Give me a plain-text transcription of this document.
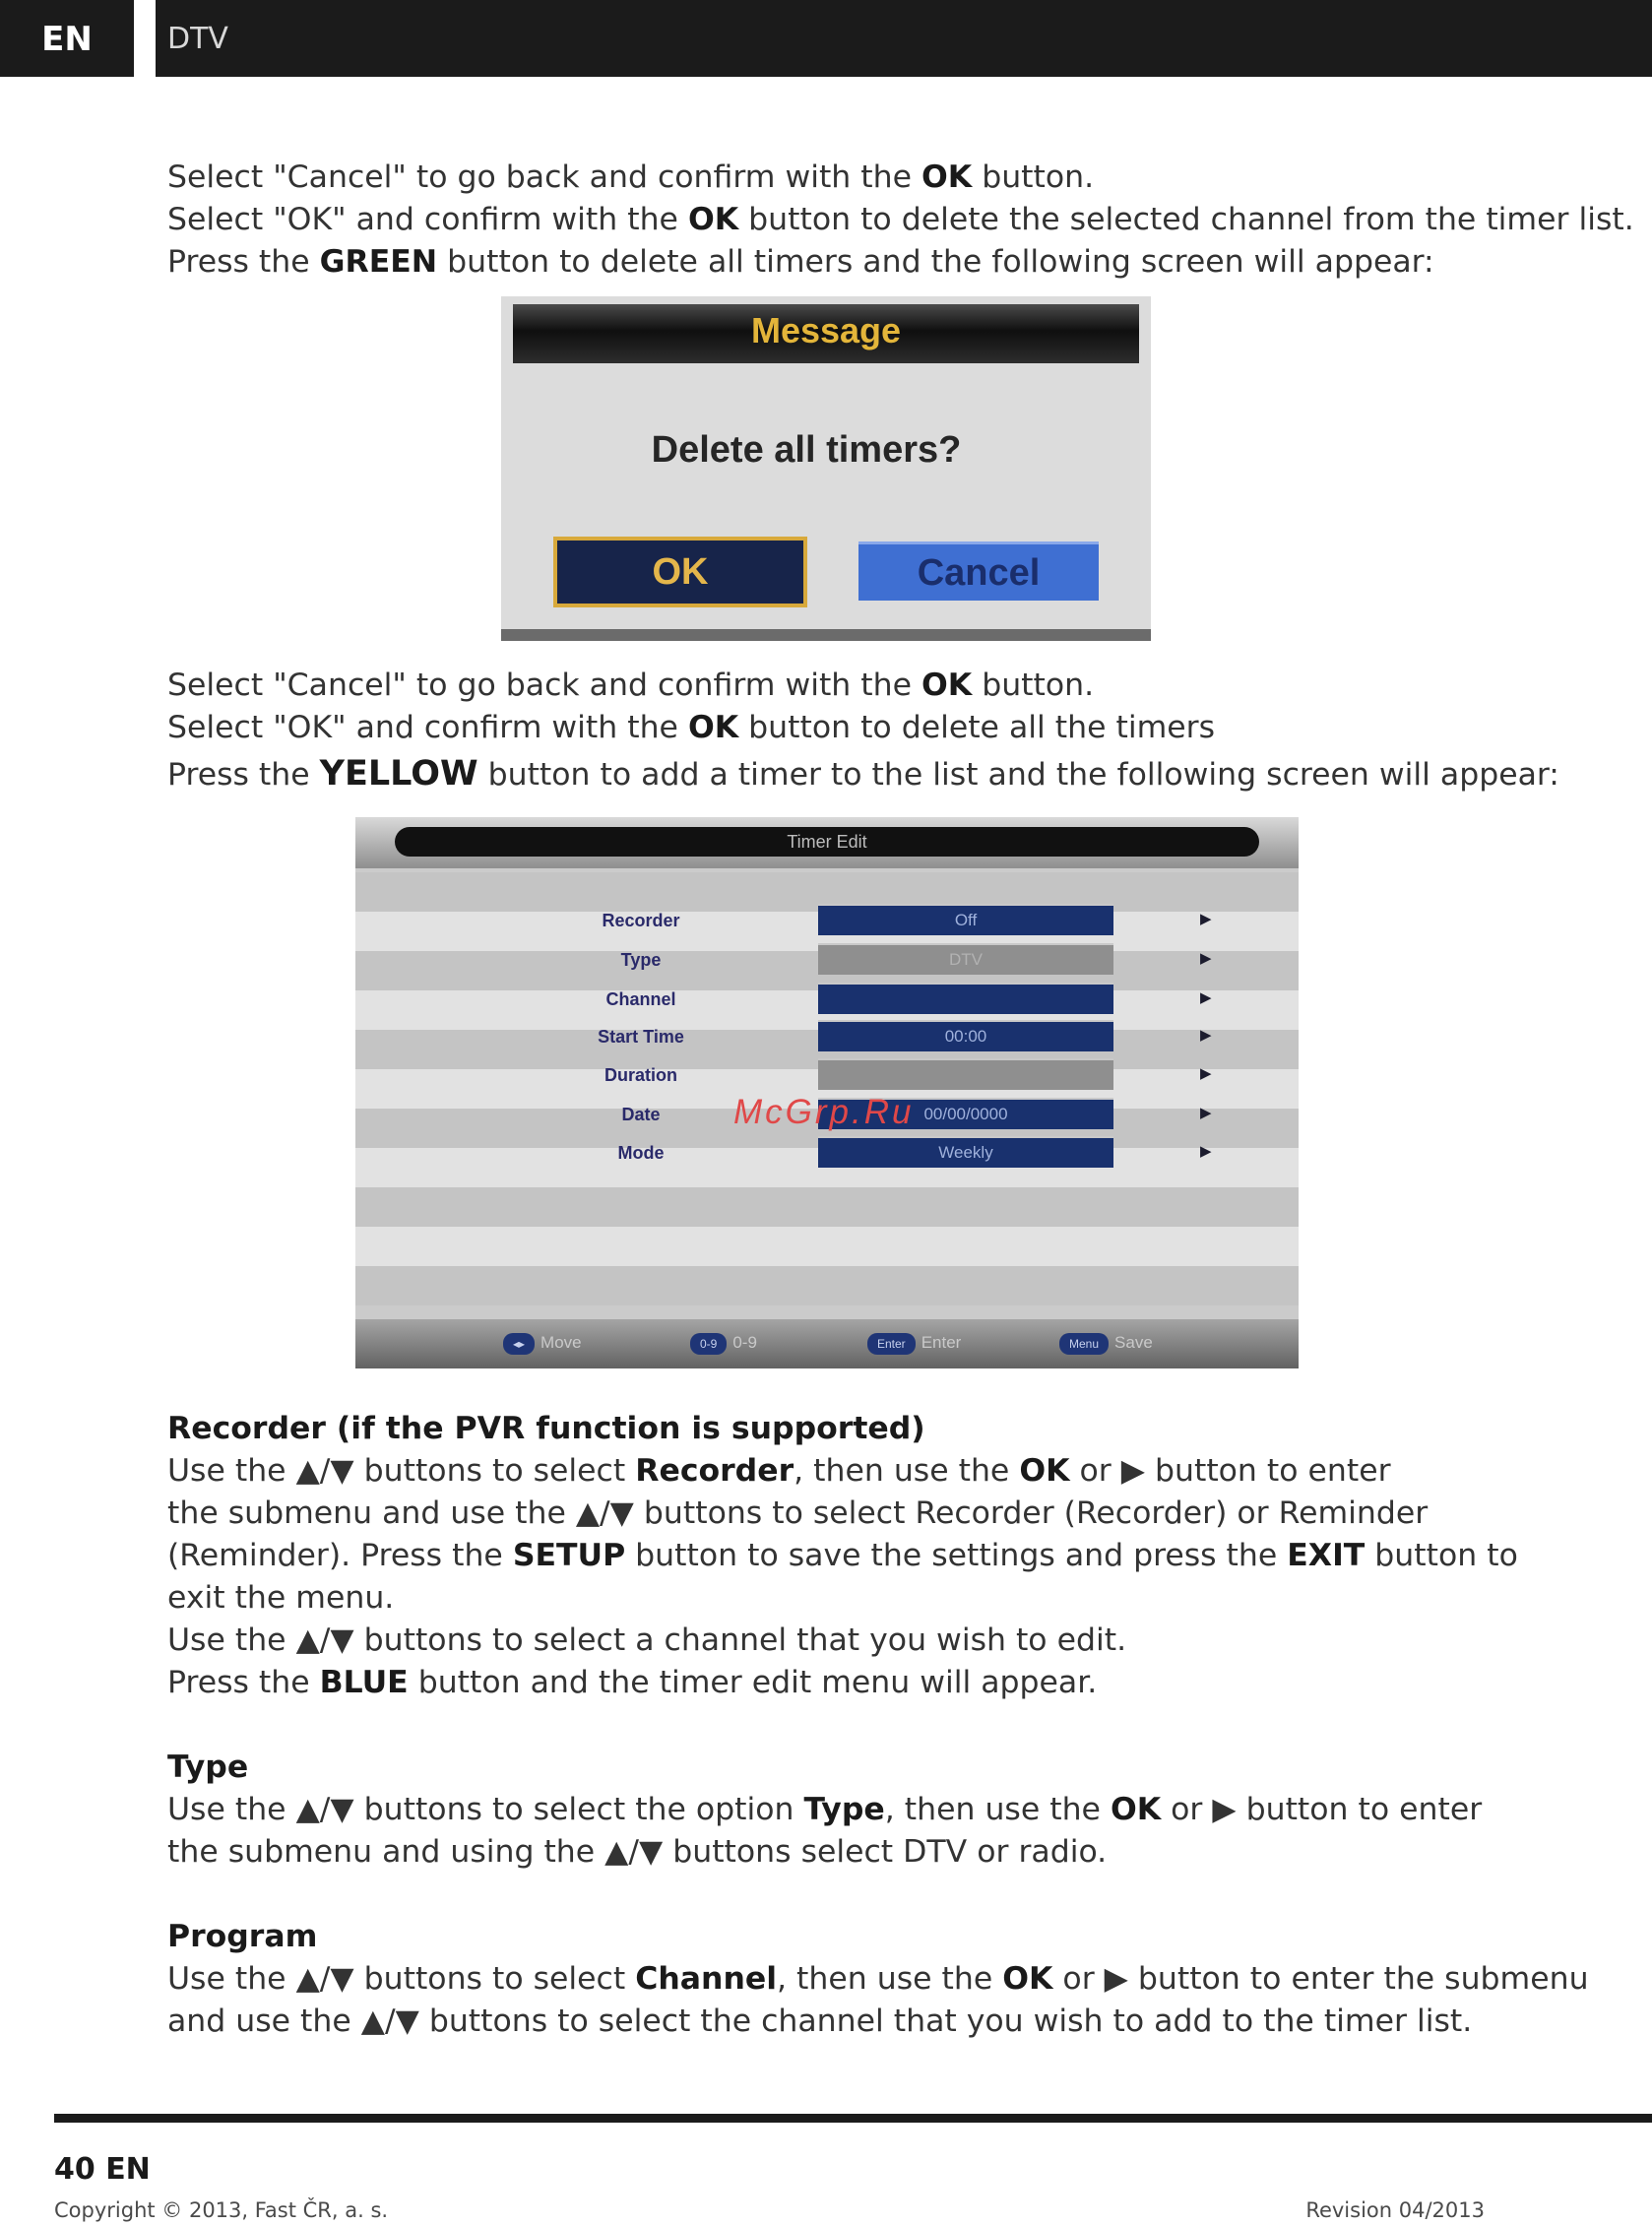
EN	DTV
Select "Cancel" to go back and confirm with the OK button.
Select "OK" and confirm with the OK button to delete the selected channel from the timer list.
Press the GREEN button to delete all timers and the following screen will appear:
Message
Delete all timers?
OK	Cancel
Select "Cancel" to go back and confirm with the OK button.
Select "OK" and confirm with the OK button to delete all the timers
Press the YELLOW button to add a timer to the list and the following screen will appear:
Timer Edit
Recorder	Off	▶
Type	DTV	▶
Channel	▶
Start Time	00:00	▶
Duration	▶
Date	00/00/0000	▶
Mode	Weekly	▶
◂▸ Move	0-9 0-9	Enter Enter	Menu Save
McGrp.Ru
Recorder (if the PVR function is supported)
Use the ▲/▼ buttons to select Recorder, then use the OK or ▶ button to enter
the submenu and use the ▲/▼ buttons to select Recorder (Recorder) or Reminder
(Reminder). Press the SETUP button to save the settings and press the EXIT button to
exit the menu.
Use the ▲/▼ buttons to select a channel that you wish to edit.
Press the BLUE button and the timer edit menu will appear.
Type
Use the ▲/▼ buttons to select the option Type, then use the OK or ▶ button to enter
the submenu and using the ▲/▼ buttons select DTV or radio.
Program
Use the ▲/▼ buttons to select Channel, then use the OK or ▶ button to enter the submenu
and use the ▲/▼ buttons to select the channel that you wish to add to the timer list.
40 EN
Copyright © 2013, Fast ČR, a. s.	Revision 04/2013
